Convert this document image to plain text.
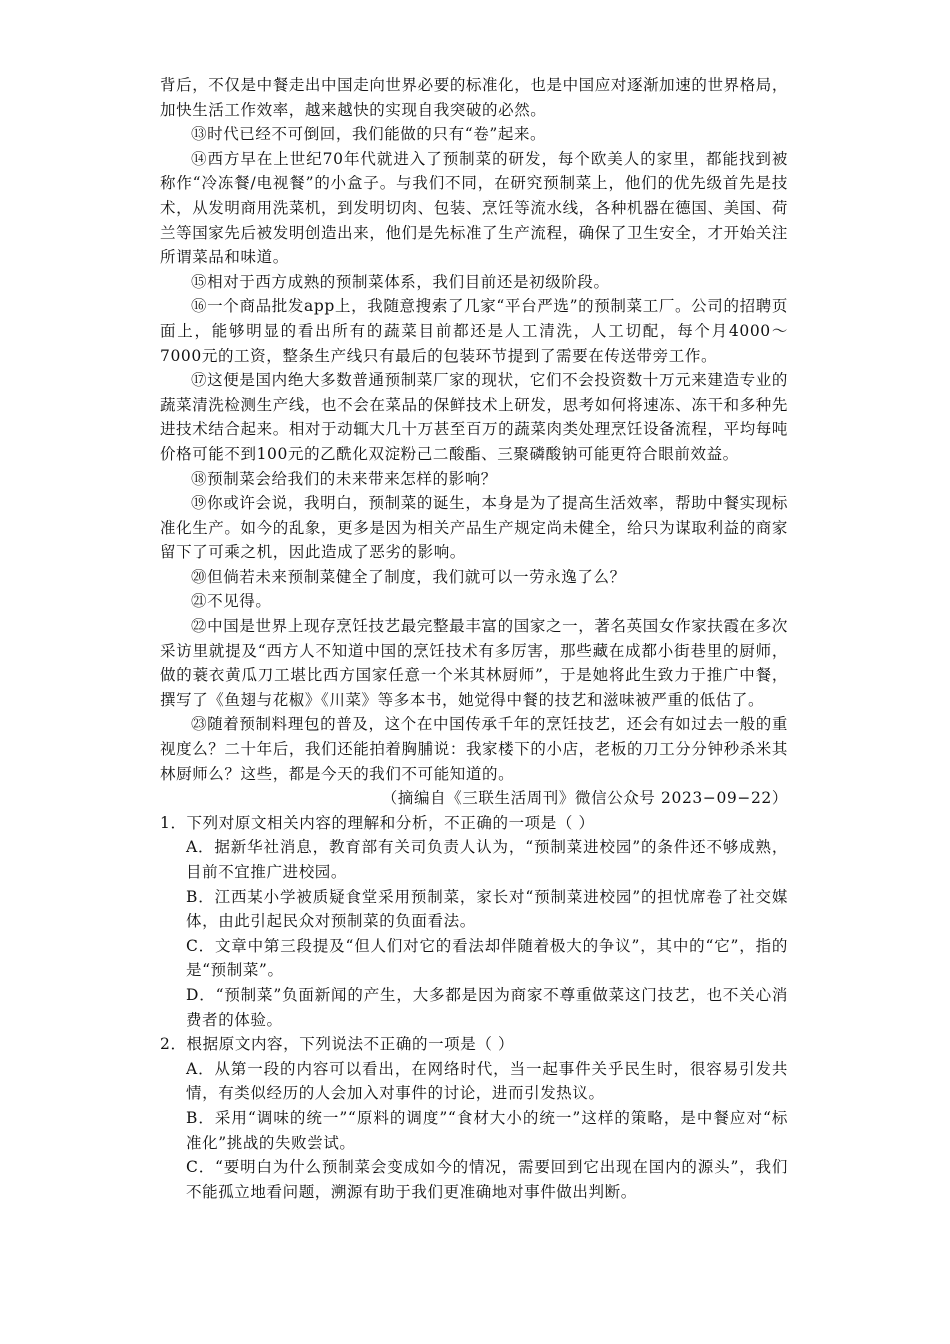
背后，不仅是中餐走出中国走向世界必要的标准化，也是中国应对逐渐加速的世界格局，加快生活工作效率，越来越快的实现自我突破的必然。

⑬时代已经不可倒回，我们能做的只有“卷”起来。

⑭西方早在上世纪70年代就进入了预制菜的研发，每个欧美人的家里，都能找到被称作“冷冻餐/电视餐”的小盒子。与我们不同，在研究预制菜上，他们的优先级首先是技术，从发明商用洗菜机，到发明切肉、包装、烹饪等流水线，各种机器在德国、美国、荷兰等国家先后被发明创造出来，他们是先标准了生产流程，确保了卫生安全，才开始关注所谓菜品和味道。

⑮相对于西方成熟的预制菜体系，我们目前还是初级阶段。

⑯一个商品批发app上，我随意搜索了几家“平台严选”的预制菜工厂。公司的招聘页面上，能够明显的看出所有的蔬菜目前都还是人工清洗，人工切配，每个月4000～7000元的工资，整条生产线只有最后的包装环节提到了需要在传送带旁工作。

⑰这便是国内绝大多数普通预制菜厂家的现状，它们不会投资数十万元来建造专业的蔬菜清洗检测生产线，也不会在菜品的保鲜技术上研发，思考如何将速冻、冻干和多种先进技术结合起来。相对于动辄大几十万甚至百万的蔬菜肉类处理烹饪设备流程，平均每吨价格可能不到100元的乙酰化双淀粉己二酸酯、三聚磷酸钠可能更符合眼前效益。

⑱预制菜会给我们的未来带来怎样的影响？

⑲你或许会说，我明白，预制菜的诞生，本身是为了提高生活效率，帮助中餐实现标准化生产。如今的乱象，更多是因为相关产品生产规定尚未健全，给只为谋取利益的商家留下了可乘之机，因此造成了恶劣的影响。

⑳但倘若未来预制菜健全了制度，我们就可以一劳永逸了么？

㉑不见得。

㉒中国是世界上现存烹饪技艺最完整最丰富的国家之一，著名英国女作家扶霞在多次采访里就提及“西方人不知道中国的烹饪技术有多厉害，那些藏在成都小街巷里的厨师，做的蓑衣黄瓜刀工堪比西方国家任意一个米其林厨师”，于是她将此生致力于推广中餐，撰写了《鱼翅与花椒》《川菜》等多本书，她觉得中餐的技艺和滋味被严重的低估了。

㉓随着预制料理包的普及，这个在中国传承千年的烹饪技艺，还会有如过去一般的重视度么？二十年后，我们还能拍着胸脯说：我家楼下的小店，老板的刀工分分钟秒杀米其林厨师么？这些，都是今天的我们不可能知道的。

（摘编自《三联生活周刊》微信公众号 2023−09−22）

1．下列对原文相关内容的理解和分析，不正确的一项是（ ）

A．据新华社消息，教育部有关司负责人认为，“预制菜进校园”的条件还不够成熟，目前不宜推广进校园。

B．江西某小学被质疑食堂采用预制菜，家长对“预制菜进校园”的担忧席卷了社交媒体，由此引起民众对预制菜的负面看法。

C．文章中第三段提及“但人们对它的看法却伴随着极大的争议”，其中的“它”，指的是“预制菜”。

D．“预制菜”负面新闻的产生，大多都是因为商家不尊重做菜这门技艺，也不关心消费者的体验。

2．根据原文内容，下列说法不正确的一项是（ ）

A．从第一段的内容可以看出，在网络时代，当一起事件关乎民生时，很容易引发共情，有类似经历的人会加入对事件的讨论，进而引发热议。

B．采用“调味的统一”“原料的调度”“食材大小的统一”这样的策略，是中餐应对“标准化”挑战的失败尝试。

C．“要明白为什么预制菜会变成如今的情况，需要回到它出现在国内的源头”，我们不能孤立地看问题，溯源有助于我们更准确地对事件做出判断。
